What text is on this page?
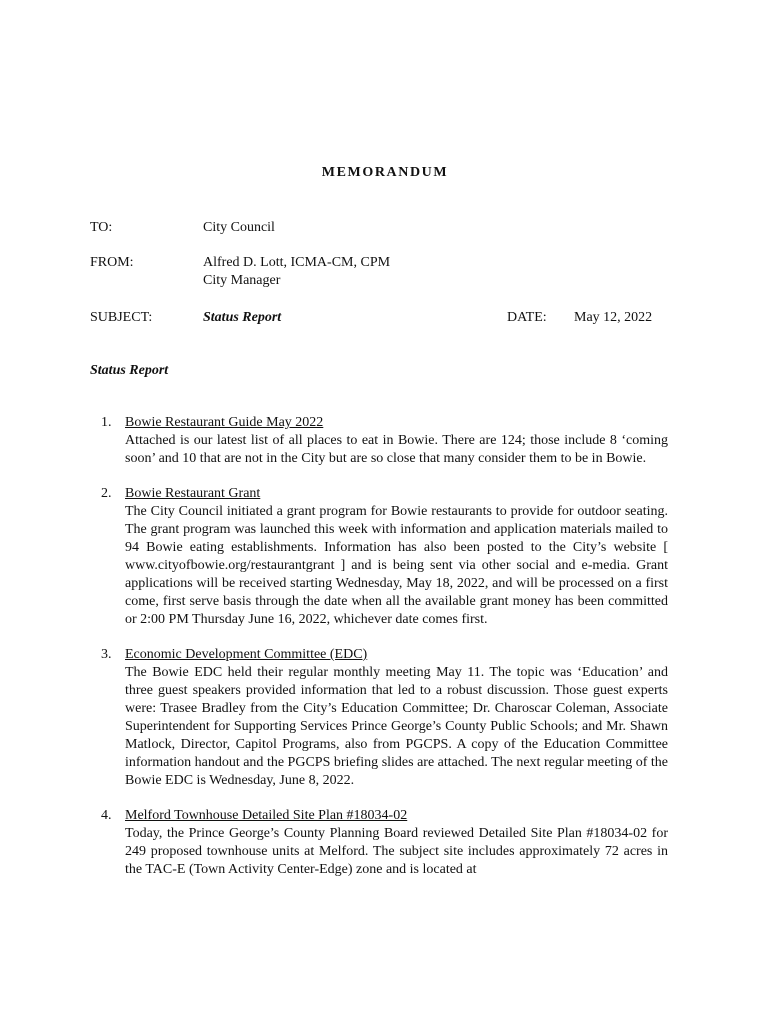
MEMORANDUM
TO:	City Council
FROM:	Alfred D. Lott, ICMA-CM, CPM
City Manager
SUBJECT:	Status Report	DATE: May 12, 2022
Status Report
1. Bowie Restaurant Guide May 2022
Attached is our latest list of all places to eat in Bowie. There are 124; those include 8 ‘coming soon’ and 10 that are not in the City but are so close that many consider them to be in Bowie.
2. Bowie Restaurant Grant
The City Council initiated a grant program for Bowie restaurants to provide for outdoor seating. The grant program was launched this week with information and application materials mailed to 94 Bowie eating establishments. Information has also been posted to the City’s website [ www.cityofbowie.org/restaurantgrant ] and is being sent via other social and e-media. Grant applications will be received starting Wednesday, May 18, 2022, and will be processed on a first come, first serve basis through the date when all the available grant money has been committed or 2:00 PM Thursday June 16, 2022, whichever date comes first.
3. Economic Development Committee (EDC)
The Bowie EDC held their regular monthly meeting May 11. The topic was ‘Education’ and three guest speakers provided information that led to a robust discussion. Those guest experts were: Trasee Bradley from the City’s Education Committee; Dr. Charoscar Coleman, Associate Superintendent for Supporting Services Prince George’s County Public Schools; and Mr. Shawn Matlock, Director, Capitol Programs, also from PGCPS. A copy of the Education Committee information handout and the PGCPS briefing slides are attached. The next regular meeting of the Bowie EDC is Wednesday, June 8, 2022.
4. Melford Townhouse Detailed Site Plan #18034-02
Today, the Prince George’s County Planning Board reviewed Detailed Site Plan #18034-02 for 249 proposed townhouse units at Melford. The subject site includes approximately 72 acres in the TAC-E (Town Activity Center-Edge) zone and is located at
